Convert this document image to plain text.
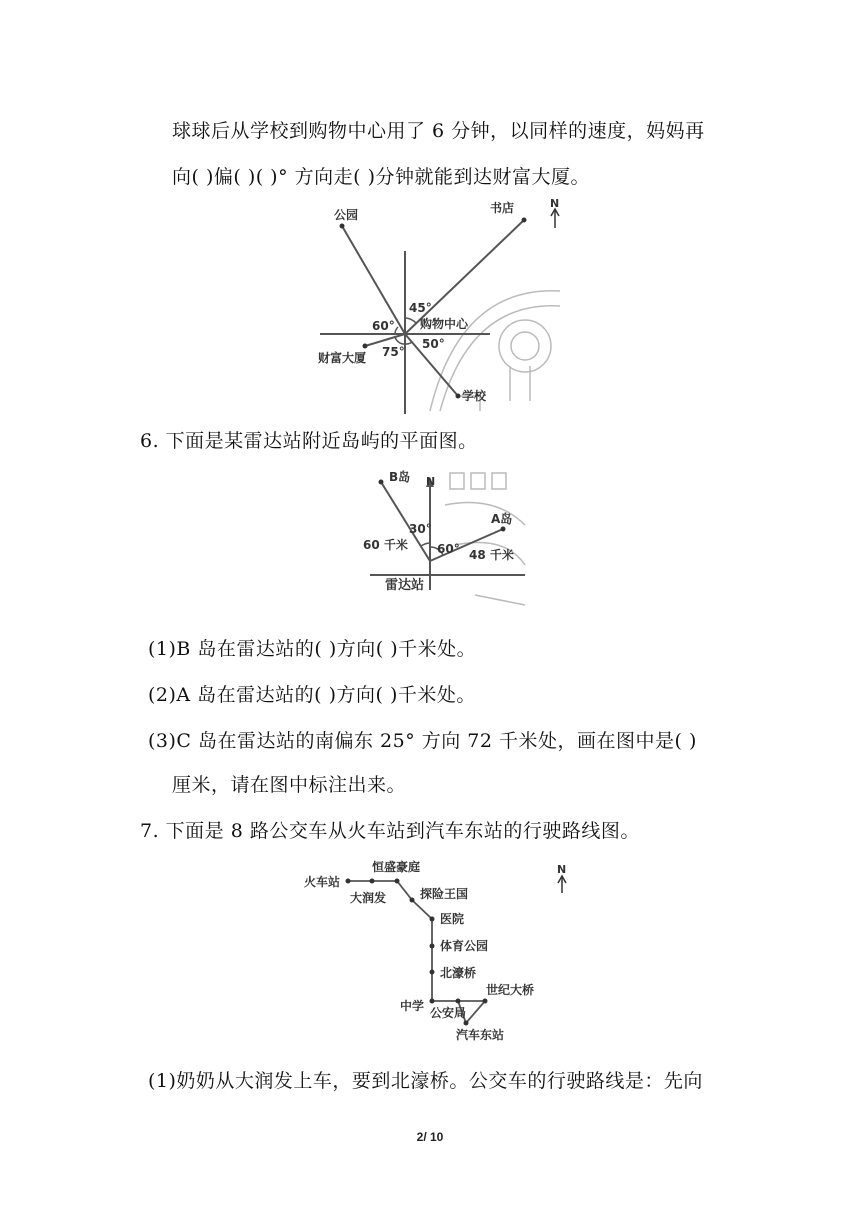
球球后从学校到购物中心用了 6 分钟，以同样的速度，妈妈再
向( )偏( )( )° 方向走( )分钟就能到达财富大厦。
公园	书店	N
45°
60° 购物中心
50°
75°
财富大厦
学校
6. 下面是某雷达站附近岛屿的平面图。
B岛 N
A岛
30°
60 千米 60° 48 千米
雷达站
(1)B 岛在雷达站的( )方向( )千米处。
(2)A 岛在雷达站的( )方向( )千米处。
(3)C 岛在雷达站的南偏东 25° 方向 72 千米处，画在图中是( )
厘米，请在图中标注出来。
7. 下面是 8 路公交车从火车站到汽车东站的行驶路线图。
N
火车站
恒盛豪庭
大润发	探险王国
医院
体育公园
北濠桥
中学 公安局
世纪大桥
汽车东站
(1)奶奶从大润发上车，要到北濠桥。公交车的行驶路线是：先向
2/ 10
